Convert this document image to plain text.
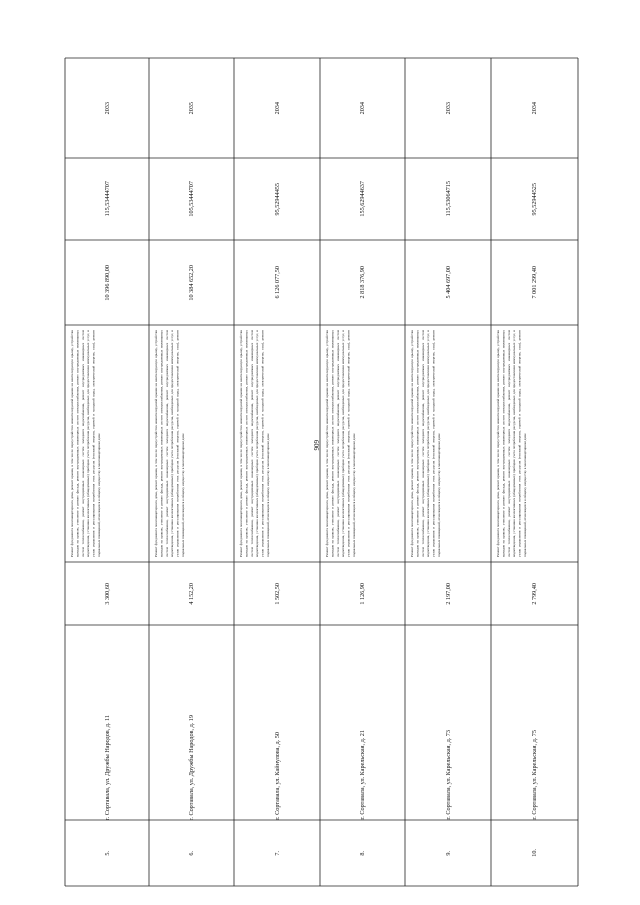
909
2033
115,53444707
10 396 890,00
Ремонт фундамента многоквартирного дома, ремонт крыши, в том числе переустройство невентилируемой крыши на вентилируемую крышу, устройство выходов на кровлю, утепление и ремонт фасада, ремонт внутридомовых инженерных систем электроснабжения, ремонт внутридомовых инженерных систем теплоснабжения, ремонт внутридомовых инженерных систем холодного водоснабжения, ремонт внутридомовых инженерных систем водоотведения, установка коллективных (общедомовых) приборов учета потребления ресурсов, необходимых для предоставления коммунальных услуг, и узлов управления и регулирования потребления этих ресурсов (тепловой энергии, горячей и холодной воды, электрической энергии, газа), ремонт подвальных помещений, относящихся к общему имуществу в многоквартирном доме
3 300,60
г. Сортавала, ул. Дружбы Народов, д. 11
5.
2035
105,53444707
10 384 652,20
Ремонт фундамента многоквартирного дома, ремонт крыши, в том числе переустройство невентилируемой крыши на вентилируемую крышу, устройство выходов на кровлю, утепление и ремонт фасада, ремонт внутридомовых инженерных систем электроснабжения, ремонт внутридомовых инженерных систем теплоснабжения, ремонт внутридомовых инженерных систем холодного водоснабжения, ремонт внутридомовых инженерных систем водоотведения, установка коллективных (общедомовых) приборов учета потребления ресурсов, необходимых для предоставления коммунальных услуг, и узлов управления и регулирования потребления этих ресурсов (тепловой энергии, горячей и холодной воды, электрической энергии, газа), ремонт подвальных помещений, относящихся к общему имуществу в многоквартирном доме
4 152,20
г. Сортавала, ул. Дружбы Народов, д. 19
6.
2034
95,52944455
6 126 077,50
Ремонт фундамента многоквартирного дома, ремонт крыши, в том числе переустройство невентилируемой крыши на вентилируемую крышу, устройство выходов на кровлю, утепление и ремонт фасада, ремонт внутридомовых инженерных систем электроснабжения, ремонт внутридомовых инженерных систем теплоснабжения, ремонт внутридомовых инженерных систем холодного водоснабжения, ремонт внутридомовых инженерных систем водоотведения, установка коллективных (общедомовых) приборов учета потребления ресурсов, необходимых для предоставления коммунальных услуг, и узлов управления и регулирования потребления этих ресурсов (тепловой энергии, горячей и холодной воды, электрической энергии, газа), ремонт подвальных помещений, относящихся к общему имуществу в многоквартирном доме
1 502,50
г. Сортавала, ул. Кайнулова, д. 50
7.
2034
155,62944637
2 818 376,90
Ремонт фундамента многоквартирного дома, ремонт крыши, в том числе переустройство невентилируемой крыши на вентилируемую крышу, устройство выходов на кровлю, утепление и ремонт фасада, ремонт внутридомовых инженерных систем электроснабжения, ремонт внутридомовых инженерных систем теплоснабжения, ремонт внутридомовых инженерных систем холодного водоснабжения, ремонт внутридомовых инженерных систем водоотведения, установка коллективных (общедомовых) приборов учета потребления ресурсов, необходимых для предоставления коммунальных услуг, и узлов управления и регулирования потребления этих ресурсов (тепловой энергии, горячей и холодной воды, электрической энергии, газа), ремонт подвальных помещений, относящихся к общему имуществу в многоквартирном доме
1 126,90
г. Сортавала, ул. Карельская, д. 21
8.
2033
115,53064715
5 404 697,00
Ремонт фундамента многоквартирного дома, ремонт крыши, в том числе переустройство невентилируемой крыши на вентилируемую крышу, устройство выходов на кровлю, утепление и ремонт фасада, ремонт внутридомовых инженерных систем электроснабжения, ремонт внутридомовых инженерных систем теплоснабжения, ремонт внутридомовых инженерных систем холодного водоснабжения, ремонт внутридомовых инженерных систем водоотведения, установка коллективных (общедомовых) приборов учета потребления ресурсов, необходимых для предоставления коммунальных услуг, и узлов управления и регулирования потребления этих ресурсов (тепловой энергии, горячей и холодной воды, электрической энергии, газа), ремонт подвальных помещений, относящихся к общему имуществу в многоквартирном доме
2 197,00
г. Сортавала, ул. Карельская, д. 73
9.
2034
95,52944525
7 001 299,40
Ремонт фундамента многоквартирного дома, ремонт крыши, в том числе переустройство невентилируемой крыши на вентилируемую крышу, устройство выходов на кровлю, утепление и ремонт фасада, ремонт внутридомовых инженерных систем электроснабжения, ремонт внутридомовых инженерных систем теплоснабжения, ремонт внутридомовых инженерных систем холодного водоснабжения, ремонт внутридомовых инженерных систем водоотведения, установка коллективных (общедомовых) приборов учета потребления ресурсов, необходимых для предоставления коммунальных услуг, и узлов управления и регулирования потребления этих ресурсов (тепловой энергии, горячей и холодной воды, электрической энергии, газа), ремонт подвальных помещений, относящихся к общему имуществу в многоквартирном доме
2 799,40
г. Сортавала, ул. Карельская, д. 75
10.
